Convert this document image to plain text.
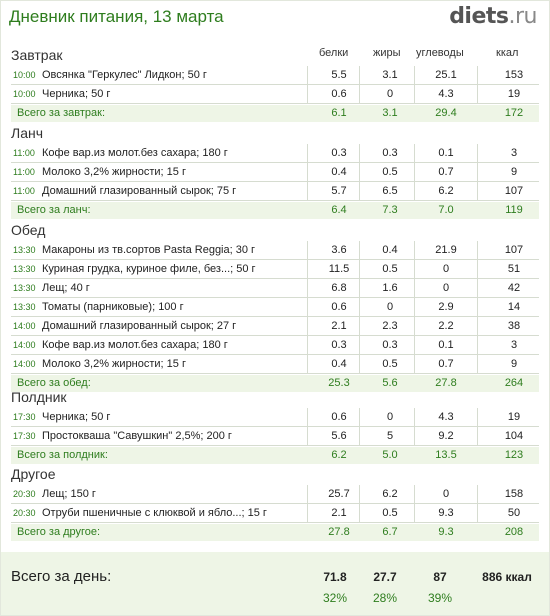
Дневник питания, 13 марта	diets.ru
белки жиры углеводы	ккал
Завтрак
10:00 Овсянка "Геркулес" Лидкон; 50 г	5.5	3.1	25.1	153
10:00 Черника; 50 г	0.6	0	4.3	19
Всего за завтрак:	6.1	3.1	29.4	172
Ланч
11:00 Кофе вар.из молот.без сахара; 180 г	0.3	0.3	0.1	3
11:00 Молоко 3,2% жирности; 15 г	0.4	0.5	0.7	9
11:00 Домашний глазированный сырок; 75 г	5.7	6.5	6.2	107
Всего за ланч:	6.4	7.3	7.0	119
Обед
13:30 Макароны из тв.сортов Pasta Reggia; 30 г	3.6	0.4	21.9	107
13:30 Куриная грудка, куриное филе, без...; 50 г	11.5	0.5	0	51
13:30 Лещ; 40 г	6.8	1.6	0	42
13:30 Томаты (парниковые); 100 г	0.6	0	2.9	14
14:00 Домашний глазированный сырок; 27 г	2.1	2.3	2.2	38
14:00 Кофе вар.из молот.без сахара; 180 г	0.3	0.3	0.1	3
14:00 Молоко 3,2% жирности; 15 г	0.4	0.5	0.7	9
Всего за обед:	25.3	5.6	27.8	264
Полдник
17:30 Черника; 50 г	0.6	0	4.3	19
17:30 Простокваша "Савушкин" 2,5%; 200 г	5.6	5	9.2	104
Всего за полдник:	6.2	5.0	13.5	123
Другое
20:30 Лещ; 150 г	25.7	6.2	0	158
20:30 Отруби пшеничные с клюквой и ябло...; 15 г	2.1	0.5	9.3	50
Всего за другое:	27.8	6.7	9.3	208
Всего за день:	71.8	27.7	87	886 ккал
32%	28%	39%
